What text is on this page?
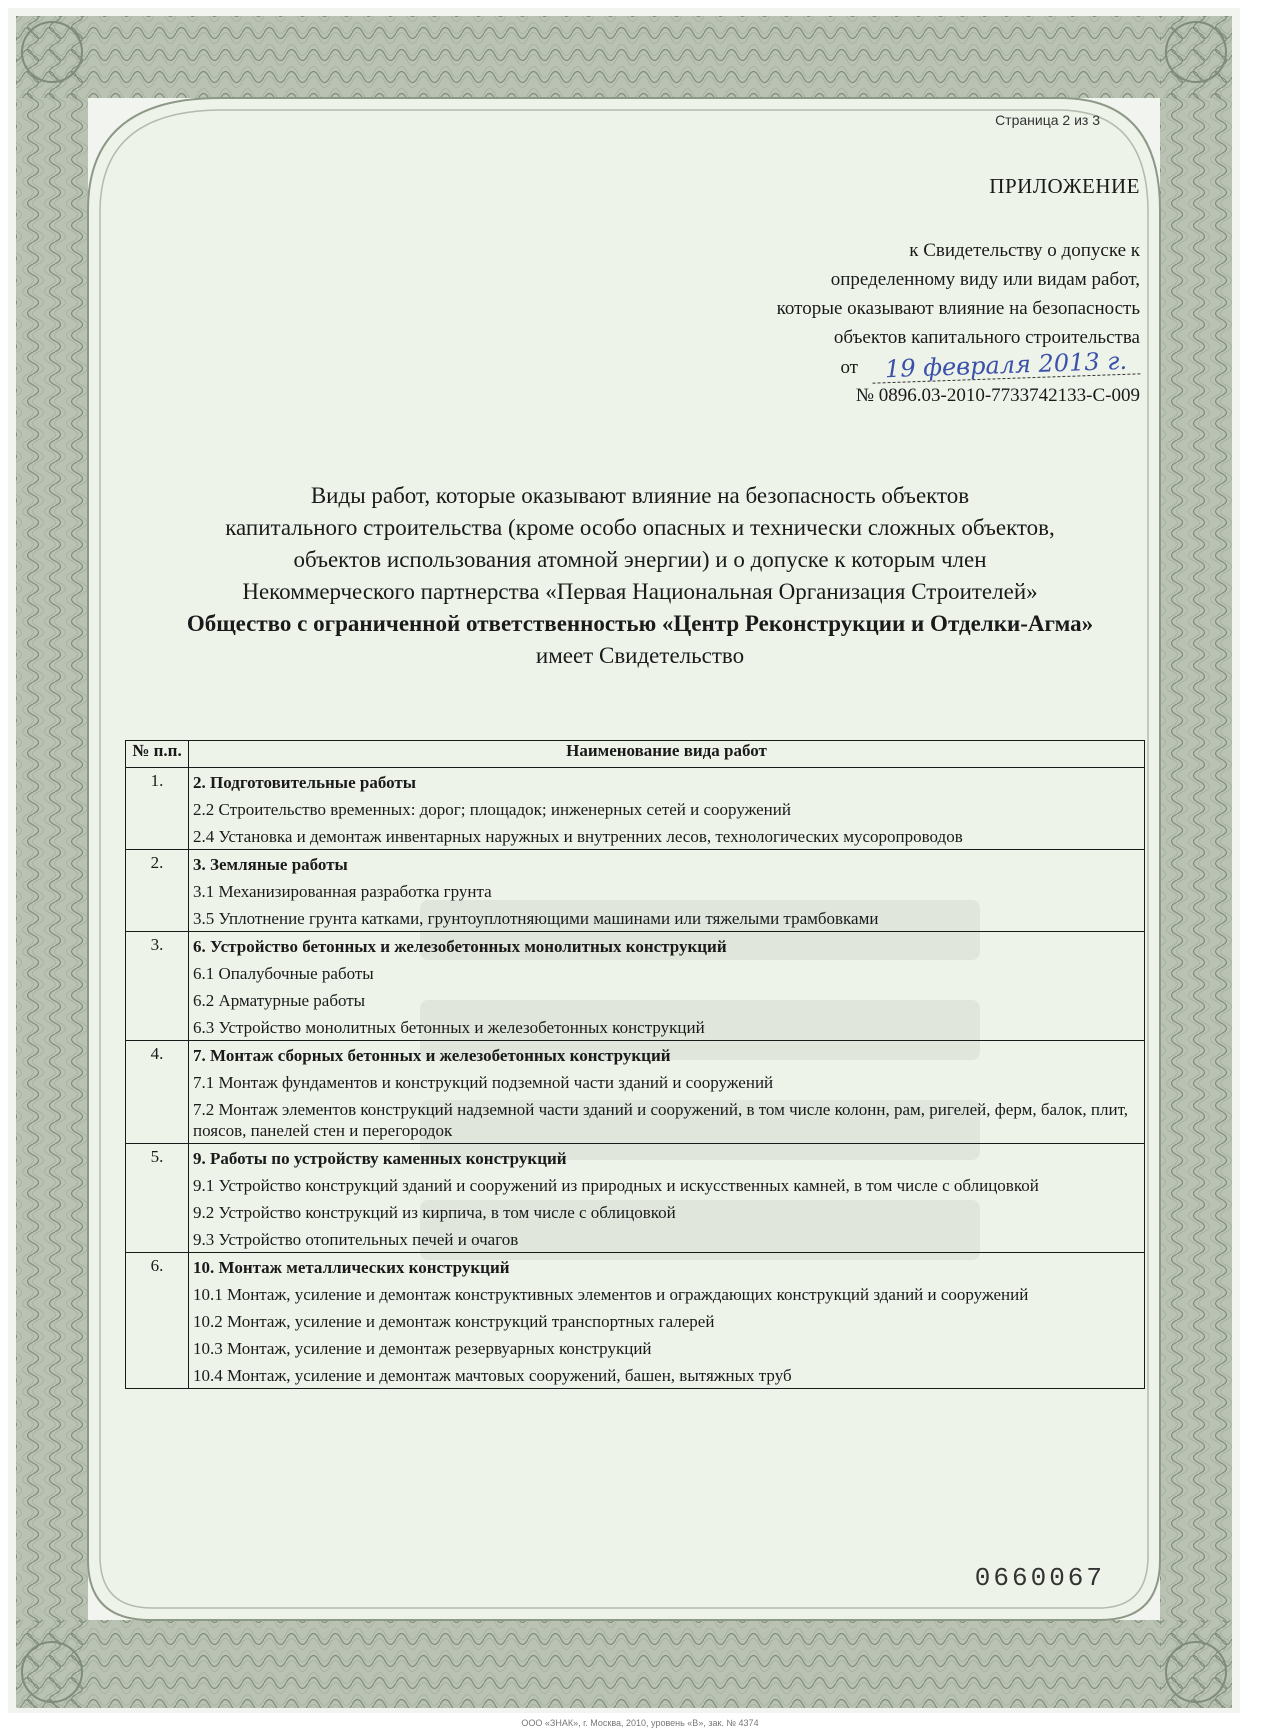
Страница 2 из 3
ПРИЛОЖЕНИЕ
к Свидетельству о допуске к
определенному виду или видам работ,
которые оказывают влияние на безопасность
объектов капитального строительства
от 19 февраля 2013 г.
№ 0896.03-2010-7733742133-С-009
Виды работ, которые оказывают влияние на безопасность объектов
капитального строительства (кроме особо опасных и технически сложных объектов,
объектов использования атомной энергии) и о допуске к которым член
Некоммерческого партнерства «Первая Национальная Организация Строителей»
Общество с ограниченной ответственностью «Центр Реконструкции и Отделки-Агма»
имеет Свидетельство
№ п.п.	Наименование вида работ
1.	2. Подготовительные работы
2.2 Строительство временных: дорог; площадок; инженерных сетей и сооружений
2.4 Установка и демонтаж инвентарных наружных и внутренних лесов, технологических мусоропроводов

2.	3. Земляные работы
3.1 Механизированная разработка грунта
3.5 Уплотнение грунта катками, грунтоуплотняющими машинами или тяжелыми трамбовками

3.	6. Устройство бетонных и железобетонных монолитных конструкций
6.1 Опалубочные работы
6.2 Арматурные работы
6.3 Устройство монолитных бетонных и железобетонных конструкций

4.	7. Монтаж сборных бетонных и железобетонных конструкций
7.1 Монтаж фундаментов и конструкций подземной части зданий и сооружений
7.2 Монтаж элементов конструкций надземной части зданий и сооружений, в том числе колонн, рам, ригелей, ферм, балок, плит, поясов, панелей стен и перегородок

5.	9. Работы по устройству каменных конструкций
9.1 Устройство конструкций зданий и сооружений из природных и искусственных камней, в том числе с облицовкой
9.2 Устройство конструкций из кирпича, в том числе с облицовкой
9.3 Устройство отопительных печей и очагов

6.	10. Монтаж металлических конструкций
10.1 Монтаж, усиление и демонтаж конструктивных элементов и ограждающих конструкций зданий и сооружений
10.2 Монтаж, усиление и демонтаж конструкций транспортных галерей
10.3 Монтаж, усиление и демонтаж резервуарных конструкций
10.4 Монтаж, усиление и демонтаж мачтовых сооружений, башен, вытяжных труб
0660067
ООО «ЗНАК», г. Москва, 2010, уровень «В», зак. № 4374
